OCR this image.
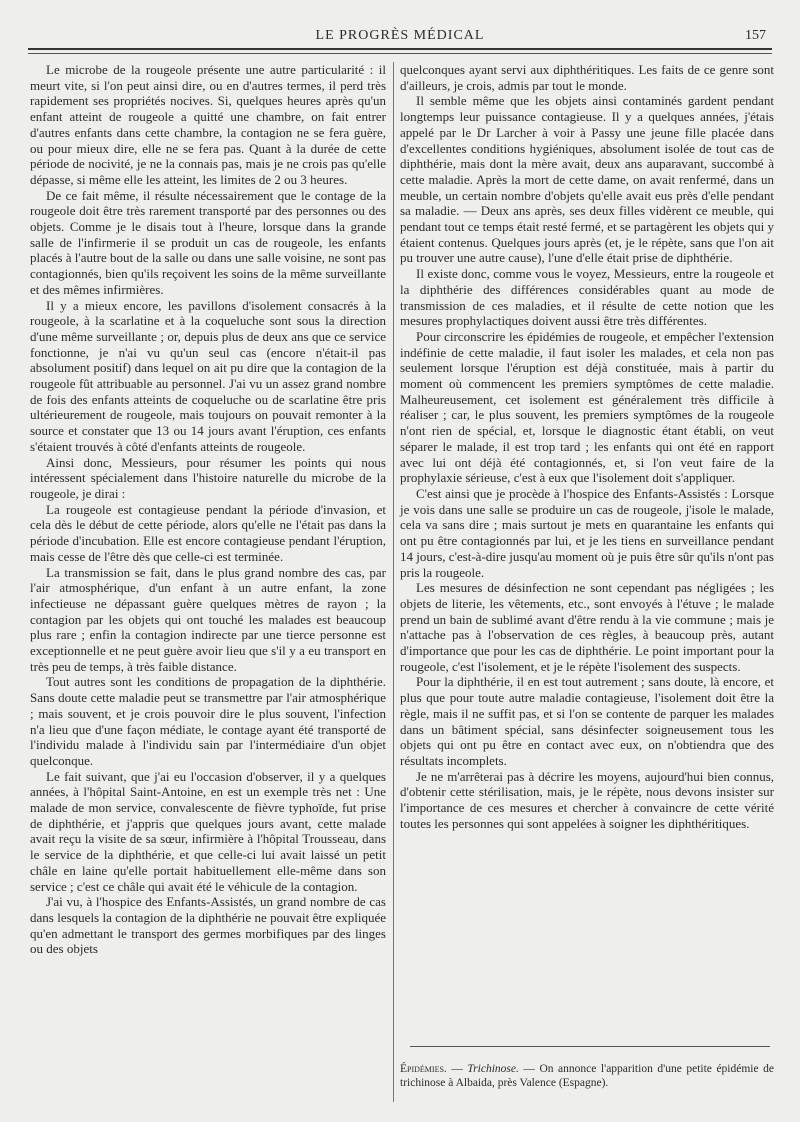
LE PROGRÈS MÉDICAL	157

Le microbe de la rougeole présente une autre particularité : il meurt vite, si l'on peut ainsi dire, ou en d'autres termes, il perd très rapidement ses propriétés nocives. Si, quelques heures après qu'un enfant atteint de rougeole a quitté une chambre, on fait entrer d'autres enfants dans cette chambre, la contagion ne se fera guère, ou pour mieux dire, elle ne se fera pas. Quant à la durée de cette période de nocivité, je ne la connais pas, mais je ne crois pas qu'elle dépasse, si même elle les atteint, les limites de 2 ou 3 heures.

De ce fait même, il résulte nécessairement que le contage de la rougeole doit être très rarement transporté par des personnes ou des objets. Comme je le disais tout à l'heure, lorsque dans la grande salle de l'infirmerie il se produit un cas de rougeole, les enfants placés à l'autre bout de la salle ou dans une salle voisine, ne sont pas contagionnés, bien qu'ils reçoivent les soins de la même surveillante et des mêmes infirmières.

Il y a mieux encore, les pavillons d'isolement consacrés à la rougeole, à la scarlatine et à la coqueluche sont sous la direction d'une même surveillante ; or, depuis plus de deux ans que ce service fonctionne, je n'ai vu qu'un seul cas (encore n'était-il pas absolument positif) dans lequel on ait pu dire que la contagion de la rougeole fût attribuable au personnel. J'ai vu un assez grand nombre de fois des enfants atteints de coqueluche ou de scarlatine être pris ultérieurement de rougeole, mais toujours on pouvait remonter à la source et constater que 13 ou 14 jours avant l'éruption, ces enfants s'étaient trouvés à côté d'enfants atteints de rougeole.

Ainsi donc, Messieurs, pour résumer les points qui nous intéressent spécialement dans l'histoire naturelle du microbe de la rougeole, je dirai :

La rougeole est contagieuse pendant la période d'invasion, et cela dès le début de cette période, alors qu'elle ne l'était pas dans la période d'incubation. Elle est encore contagieuse pendant l'éruption, mais cesse de l'être dès que celle-ci est terminée.

La transmission se fait, dans le plus grand nombre des cas, par l'air atmosphérique, d'un enfant à un autre enfant, la zone infectieuse ne dépassant guère quelques mètres de rayon ; la contagion par les objets qui ont touché les malades est beaucoup plus rare ; enfin la contagion indirecte par une tierce personne est exceptionnelle et ne peut guère avoir lieu que s'il y a eu transport en très peu de temps, à très faible distance.

Tout autres sont les conditions de propagation de la diphthérie. Sans doute cette maladie peut se transmettre par l'air atmosphérique ; mais souvent, et je crois pouvoir dire le plus souvent, l'infection n'a lieu que d'une façon médiate, le contage ayant été transporté de l'individu malade à l'individu sain par l'intermédiaire d'un objet quelconque.

Le fait suivant, que j'ai eu l'occasion d'observer, il y a quelques années, à l'hôpital Saint-Antoine, en est un exemple très net : Une malade de mon service, convalescente de fièvre typhoïde, fut prise de diphthérie, et j'appris que quelques jours avant, cette malade avait reçu la visite de sa sœur, infirmière à l'hôpital Trousseau, dans le service de la diphthérie, et que celle-ci lui avait laissé un petit châle en laine qu'elle portait habituellement elle-même dans son service ; c'est ce châle qui avait été le véhicule de la contagion.

J'ai vu, à l'hospice des Enfants-Assistés, un grand nombre de cas dans lesquels la contagion de la diphthérie ne pouvait être expliquée qu'en admettant le transport des germes morbifiques par des linges ou des objets

quelconques ayant servi aux diphthéritiques. Les faits de ce genre sont d'ailleurs, je crois, admis par tout le monde.

Il semble même que les objets ainsi contaminés gardent pendant longtemps leur puissance contagieuse. Il y a quelques années, j'étais appelé par le Dr Larcher à voir à Passy une jeune fille placée dans d'excellentes conditions hygiéniques, absolument isolée de tout cas de diphthérie, mais dont la mère avait, deux ans auparavant, succombé à cette maladie. Après la mort de cette dame, on avait renfermé, dans un meuble, un certain nombre d'objets qu'elle avait eus près d'elle pendant sa maladie. — Deux ans après, ses deux filles vidèrent ce meuble, qui pendant tout ce temps était resté fermé, et se partagèrent les objets qui y étaient contenus. Quelques jours après (et, je le répète, sans que l'on ait pu trouver une autre cause), l'une d'elle était prise de diphthérie.

Il existe donc, comme vous le voyez, Messieurs, entre la rougeole et la diphthérie des différences considérables quant au mode de transmission de ces maladies, et il résulte de cette notion que les mesures prophylactiques doivent aussi être très différentes.

Pour circonscrire les épidémies de rougeole, et empêcher l'extension indéfinie de cette maladie, il faut isoler les malades, et cela non pas seulement lorsque l'éruption est déjà constituée, mais à partir du moment où commencent les premiers symptômes de cette maladie. Malheureusement, cet isolement est généralement très difficile à réaliser ; car, le plus souvent, les premiers symptômes de la rougeole n'ont rien de spécial, et, lorsque le diagnostic étant établi, on veut séparer le malade, il est trop tard ; les enfants qui ont été en rapport avec lui ont déjà été contagionnés, et, si l'on veut faire de la prophylaxie sérieuse, c'est à eux que l'isolement doit s'appliquer.

C'est ainsi que je procède à l'hospice des Enfants-Assistés : Lorsque je vois dans une salle se produire un cas de rougeole, j'isole le malade, cela va sans dire ; mais surtout je mets en quarantaine les enfants qui ont pu être contagionnés par lui, et je les tiens en surveillance pendant 14 jours, c'est-à-dire jusqu'au moment où je puis être sûr qu'ils n'ont pas pris la rougeole.

Les mesures de désinfection ne sont cependant pas négligées ; les objets de literie, les vêtements, etc., sont envoyés à l'étuve ; le malade prend un bain de sublimé avant d'être rendu à la vie commune ; mais je n'attache pas à l'observation de ces règles, à beaucoup près, autant d'importance que pour les cas de diphthérie. Le point important pour la rougeole, c'est l'isolement, et je le répète l'isolement des suspects.

Pour la diphthérie, il en est tout autrement ; sans doute, là encore, et plus que pour toute autre maladie contagieuse, l'isolement doit être la règle, mais il ne suffit pas, et si l'on se contente de parquer les malades dans un bâtiment spécial, sans désinfecter soigneusement tous les objets qui ont pu être en contact avec eux, on n'obtiendra que des résultats incomplets.

Je ne m'arrêterai pas à décrire les moyens, aujourd'hui bien connus, d'obtenir cette stérilisation, mais, je le répète, nous devons insister sur l'importance de ces mesures et chercher à convaincre de cette vérité toutes les personnes qui sont appelées à soigner les diphthéritiques.

Épidémies. — Trichinose. — On annonce l'apparition d'une petite épidémie de trichinose à Albaida, près Valence (Espagne).
